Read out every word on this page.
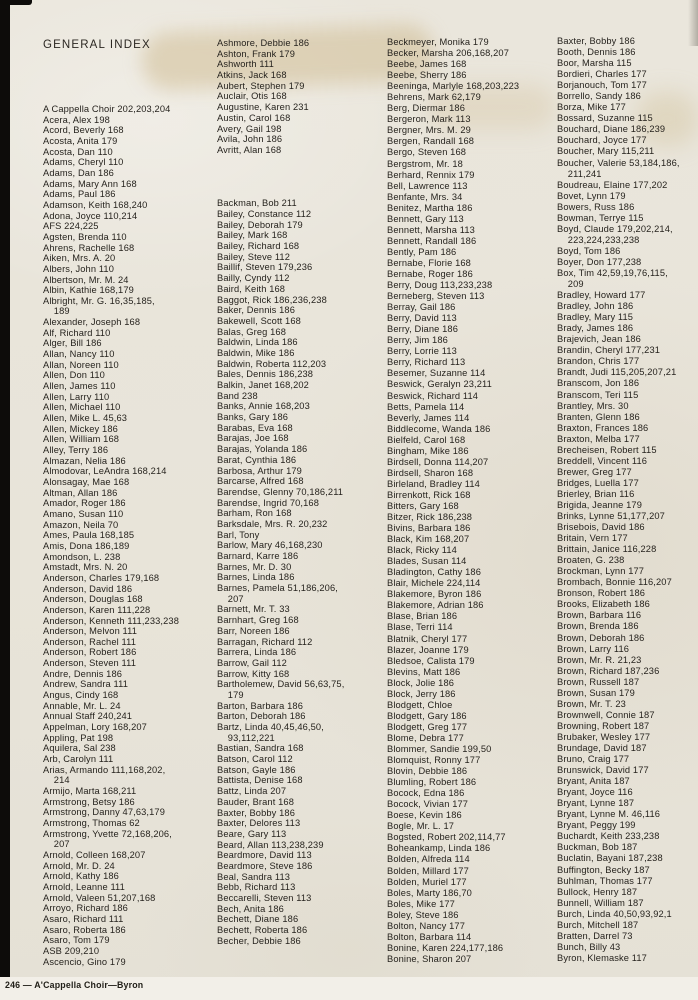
GENERAL INDEX
A Cappella Choir 202,203,204
Acera, Alex 198
Acord, Beverly 168
Acosta, Anita 179
Acosta, Dan 110
Adams, Cheryl 110
Adams, Dan 186
Adams, Mary Ann 168
Adams, Paul 186
Adamson, Keith 168,240
Adona, Joyce 110,214
AFS 224,225
Agsten, Brenda 110
Ahrens, Rachelle 168
Aiken, Mrs. A. 20
Albers, John 110
Albertson, Mr. M. 24
Albin, Kathie 168,179
Albright, Mr. G. 16,35,185,
189
Alexander, Joseph 168
Alf, Richard 110
Alger, Bill 186
Allan, Nancy 110
Allan, Noreen 110
Allen, Don 110
Allen, James 110
Allen, Larry 110
Allen, Michael 110
Allen, Mike L. 45,63
Allen, Mickey 186
Allen, William 168
Alley, Terry 186
Almazan, Nelia 186
Almodovar, LeAndra 168,214
Alonsagay, Mae 168
Altman, Allan 186
Amador, Roger 186
Amano, Susan 110
Amazon, Neila 70
Ames, Paula 168,185
Amis, Dona 186,189
Amondson, L. 238
Amstadt, Mrs. N. 20
Anderson, Charles 179,168
Anderson, David 186
Anderson, Douglas 168
Anderson, Karen 111,228
Anderson, Kenneth 111,233,238
Anderson, Melvon 111
Anderson, Rachel 111
Anderson, Robert 186
Anderson, Steven 111
Andre, Dennis 186
Andrew, Sandra 111
Angus, Cindy 168
Annable, Mr. L. 24
Annual Staff 240,241
Appelman, Lory 168,207
Appling, Pat 198
Aquilera, Sal 238
Arb, Carolyn 111
Arias, Armando 111,168,202,
214
Armijo, Marta 168,211
Armstrong, Betsy 186
Armstrong, Danny 47,63,179
Armstrong, Thomas 62
Armstrong, Yvette 72,168,206,
207
Arnold, Colleen 168,207
Arnold, Mr. D. 24
Arnold, Kathy 186
Arnold, Leanne 111
Arnold, Valeen 51,207,168
Arroyo, Richard 186
Asaro, Richard 111
Asaro, Roberta 186
Asaro, Tom 179
ASB 209,210
Ascencio, Gino 179
Ashmore, Debbie 186
Ashton, Frank 179
Ashworth 111
Atkins, Jack 168
Aubert, Stephen 179
Auclair, Otis 168
Augustine, Karen 231
Austin, Carol 168
Avery, Gail 198
Avila, John 186
Avritt, Alan 168
Backman, Bob 211
Bailey, Constance 112
Bailey, Deborah 179
Bailey, Mark 168
Bailey, Richard 168
Bailey, Steve 112
Baillif, Steven 179,236
Bailly, Cyndy 112
Baird, Keith 168
Baggot, Rick 186,236,238
Baker, Dennis 186
Bakewell, Scott 168
Balas, Greg 168
Baldwin, Linda 186
Baldwin, Mike 186
Baldwin, Roberta 112,203
Bales, Dennis 186,238
Balkin, Janet 168,202
Band 238
Banks, Annie 168,203
Banks, Gary 186
Barabas, Eva 168
Barajas, Joe 168
Barajas, Yolanda 186
Barat, Cynthia 186
Barbosa, Arthur 179
Barcarse, Alfred 168
Barendse, Glenny 70,186,211
Barendse, Ingrid 70,168
Barham, Ron 168
Barksdale, Mrs. R. 20,232
Barl, Tony
Barlow, Mary 46,168,230
Barnard, Karre 186
Barnes, Mr. D. 30
Barnes, Linda 186
Barnes, Pamela 51,186,206,
207
Barnett, Mr. T. 33
Barnhart, Greg 168
Barr, Noreen 186
Barragan, Richard 112
Barrera, Linda 186
Barrow, Gail 112
Barrow, Kitty 168
Bartholemew, David 56,63,75,
179
Barton, Barbara 186
Barton, Deborah 186
Bartz, Linda 40,45,46,50,
93,112,221
Bastian, Sandra 168
Batson, Carol 112
Batson, Gayle 186
Battista, Denise 168
Battz, Linda 207
Bauder, Brant 168
Baxter, Bobby 186
Baxter, Delores 113
Beare, Gary 113
Beard, Allan 113,238,239
Beardmore, David 113
Beardmore, Steve 186
Beal, Sandra 113
Bebb, Richard 113
Beccarelli, Steven 113
Bech, Anita 186
Bechett, Diane 186
Bechett, Roberta 186
Becher, Debbie 186
Beckmeyer, Monika 179
Becker, Marsha 206,168,207
Beebe, James 168
Beebe, Sherry 186
Beeninga, Marlyle 168,203,223
Behrens, Mark 62,179
Berg, Diermar 186
Bergeron, Mark 113
Bergner, Mrs. M. 29
Bergen, Randall 168
Bergo, Steven 168
Bergstrom, Mr. 18
Berhard, Rennix 179
Bell, Lawrence 113
Benfante, Mrs. 34
Benitez, Martha 186
Bennett, Gary 113
Bennett, Marsha 113
Bennett, Randall 186
Bently, Pam 186
Bernabe, Florie 168
Bernabe, Roger 186
Berry, Doug 113,233,238
Berneberg, Steven 113
Berray, Gail 186
Berry, David 113
Berry, Diane 186
Berry, Jim 186
Berry, Lorrie 113
Berry, Richard 113
Besemer, Suzanne 114
Beswick, Geralyn 23,211
Beswick, Richard 114
Betts, Pamela 114
Beverly, James 114
Biddlecome, Wanda 186
Bielfeld, Carol 168
Bingham, Mike 186
Birdsell, Donna 114,207
Birdsell, Sharon 168
Birleland, Bradley 114
Birrenkott, Rick 168
Bitters, Gary 168
Bitzer, Rick 186,238
Bivins, Barbara 186
Black, Kim 168,207
Black, Ricky 114
Blades, Susan 114
Bladington, Cathy 186
Blair, Michele 224,114
Blakemore, Byron 186
Blakemore, Adrian 186
Blase, Brian 186
Blase, Terri 114
Blatnik, Cheryl 177
Blazer, Joanne 179
Bledsoe, Calista 179
Blevins, Matt 186
Block, Jolie 186
Block, Jerry 186
Blodgett, Chloe
Blodgett, Gary 186
Blodgett, Greg 177
Blome, Debra 177
Blommer, Sandie 199,50
Blomquist, Ronny 177
Blovin, Debbie 186
Blumling, Robert 186
Bocock, Edna 186
Bocock, Vivian 177
Boese, Kevin 186
Bogle, Mr. L. 17
Bogsted, Robert 202,114,77
Boheankamp, Linda 186
Bolden, Alfreda 114
Bolden, Millard 177
Bolden, Muriel 177
Boles, Marty 186,70
Boles, Mike 177
Boley, Steve 186
Bolton, Nancy 177
Bolton, Barbara 114
Bonine, Karen 224,177,186
Bonine, Sharon 207
Baxter, Bobby 186
Booth, Dennis 186
Boor, Marsha 115
Bordieri, Charles 177
Borjanouch, Tom 177
Borrello, Sandy 186
Borza, Mike 177
Bossard, Suzanne 115
Bouchard, Diane 186,239
Bouchard, Joyce 177
Boucher, Mary 115,211
Boucher, Valerie 53,184,186,
211,241
Boudreau, Elaine 177,202
Bovet, Lynn 179
Bowers, Russ 186
Bowman, Terrye 115
Boyd, Claude 179,202,214,
223,224,233,238
Boyd, Tom 186
Boyer, Don 177,238
Box, Tim 42,59,19,76,115,
209
Bradley, Howard 177
Bradley, John 186
Bradley, Mary 115
Brady, James 186
Brajevich, Jean 186
Brandin, Cheryl 177,231
Brandon, Chris 177
Brandt, Judi 115,205,207,21
Branscom, Jon 186
Branscom, Teri 115
Brantley, Mrs. 30
Branten, Glenn 186
Braxton, Frances 186
Braxton, Melba 177
Brecheisen, Robert 115
Breddell, Vincent 116
Brewer, Greg 177
Bridges, Luella 177
Brierley, Brian 116
Brigida, Jeanne 179
Brinks, Lynne 51,177,207
Brisebois, David 186
Britain, Vern 177
Brittain, Janice 116,228
Broaten, G. 238
Brockman, Lynn 177
Brombach, Bonnie 116,207
Bronson, Robert 186
Brooks, Elizabeth 186
Brown, Barbara 116
Brown, Brenda 186
Brown, Deborah 186
Brown, Larry 116
Brown, Mr. R. 21,23
Brown, Richard 187,236
Brown, Russell 187
Brown, Susan 179
Brown, Mr. T. 23
Brownwell, Connie 187
Browning, Robert 187
Brubaker, Wesley 177
Brundage, David 187
Bruno, Craig 177
Brunswick, David 177
Bryant, Anita 187
Bryant, Joyce 116
Bryant, Lynne 187
Bryant, Lynne M. 46,116
Bryant, Peggy 199
Buchardt, Keith 233,238
Buckman, Bob 187
Buclatin, Bayani 187,238
Buffington, Becky 187
Buhlman, Thomas 177
Bullock, Henry 187
Bunnell, William 187
Burch, Linda 40,50,93,92,1
Burch, Mitchell 187
Bratten, Darrel 73
Bunch, Billy 43
Byron, Klemaske 117
246 — A'Cappella Choir—Byron
